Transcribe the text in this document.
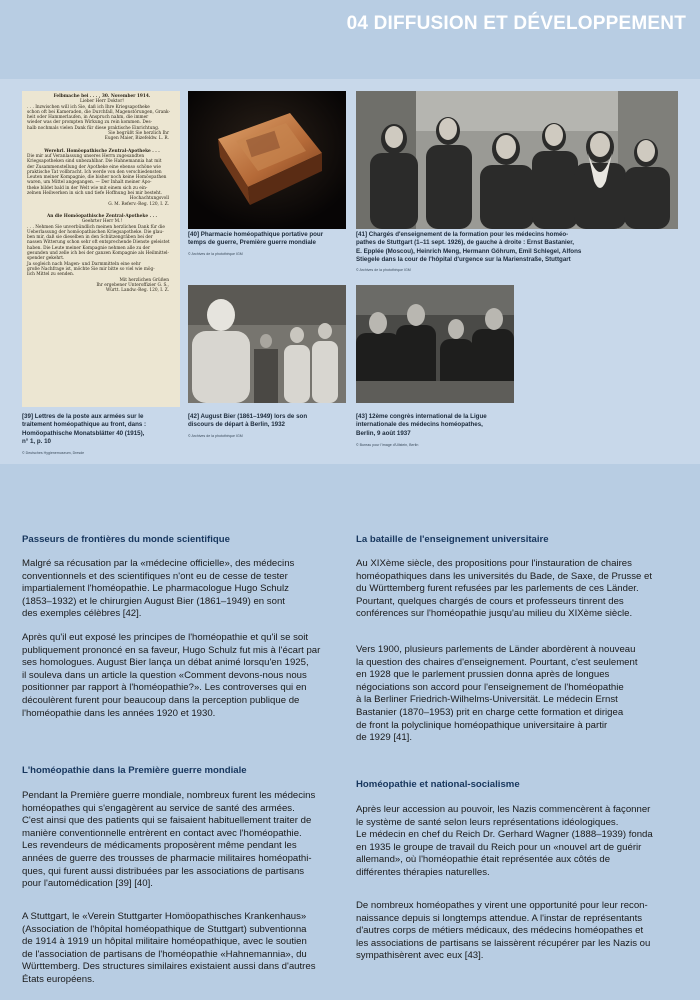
04 DIFFUSION ET DÉVELOPPEMENT
Felbmache bei . . . , 30. November 1914.
Lieber Herr Doktor!
. . . Inzwischen will ich Sie, daß ich Ihre Kriegsapotheke
schon oft bei Kameraden, die Durchfall, Magenstörungen, Grank-
heit oder Hammerlaufen, in Anspruch nahm, die immer
wieder was der prompten Wirkung zu rein kommen. Des-
halb nochmals vielen Dank für diese praktische Einrichtung.
Sie begrüßt Sie herzlich Ihr
Eugen Maier, Bizefeldw. L. R.
Werehrl. Homöopathische Zentral-Apotheke . . .
Die mir auf Veranlassung unseres Herrn zugesandten
Kriegsapotheken sind unbezahlbar. Die Hahnemannia hat mit
der Zusammenstellung der Apotheke eine ebenso schöne wie
praktische Tat vollbracht. Ich werde von den verschiedensten
Leuten meiner Kompagnie, die bisher noch keine Homöopathen
waren, um Mittel angegangen. — Der Inhalt meiner Apo-
theke bildet bald in der Welt wie mit einem sich zu ein-
zelnen Heilwerken in sich und tiefe Hoffnung bei mir besteht.
Hochachtungsvoll
G. M. Referv.-Reg. 120, I. Z.
An die Homöopathische Zentral-Apotheke . . .
Geehrter Herr M.!
. . . Nehmen Sie unverbündlich meinen herzlichen Dank für die
Ueberlassung der homöopathischen Kriegsapotheke. Die glau-
ben mir, daß sie dieselben in den Schützengräben bei der
nassen Witterung schon sehr oft entsprechende Dienste geleistet
haben. Die Leute meiner Kompagnie nehmen alle zu der
gesunden und zelle ich bei der ganzen Kompagnie als Heilmittel-
spender gekehrt.
Ja sogleich nach Magen- und Darmmitteln eine sehr
große Nachfrage ist, möchte Sie mir bitte so viel wie mög-
lich Mittel zu senden.
Mit herzlichen Grüßen
Ihr ergebener Unteroffizier G. S.,
Württ. Landw.-Reg. 120, I. Z.
[39] Lettres de la poste aux armées sur le
traitement homéopathique au front, dans :
Homöopathische Monatsblätter 40 (1915),
n° 1, p. 10
© Deutsches Hygienemuseum, Dresde
[40] Pharmacie homéopathique portative pour
temps de guerre, Première guerre mondiale
© Archives de la photothèque IGM
[41] Chargés d'enseignement de la formation pour les médecins homéo-
pathes de Stuttgart (1–11 sept. 1926), de gauche à droite : Ernst Bastanier,
E. Epplée (Moscou), Heinrich Meng, Hermann Göhrum, Emil Schlegel, Alfons
Stiegele dans la cour de l'hôpital d'urgence sur la Marienstraße, Stuttgart
© Archives de la photothèque IGM
[42] August Bier (1861–1949) lors de son
discours de départ à Berlin, 1932
© Archives de la photothèque IGM
[43] 12ème congrès international de la Ligue
internationale des médecins homéopathes,
Berlin, 9 août 1937
© Bureau pour l'image d'Ullstein, Berlin
Passeurs de frontières du monde scientifique
Malgré sa récusation par la «médecine officielle», des médecins
conventionnels et des scientifiques n'ont eu de cesse de tester
impartialement l'homéopathie. Le pharmacologue Hugo Schulz
(1853–1932) et le chirurgien August Bier (1861–1949) en sont
des exemples célèbres [42].
Après qu'il eut exposé les principes de l'homéopathie et qu'il se soit
publiquement prononcé en sa faveur, Hugo Schulz fut mis à l'écart par
ses homologues. August Bier lança un débat animé lorsqu'en 1925,
il souleva dans un article la question «Comment devons-nous nous
positionner par rapport à l'homéopathie?». Les controverses qui en
découlèrent furent pour beaucoup dans la perception publique de
l'homéopathie dans les années 1920 et 1930.
L'homéopathie dans la Première guerre mondiale
Pendant la Première guerre mondiale, nombreux furent les médecins
homéopathes qui s'engagèrent au service de santé des armées.
C'est ainsi que des patients qui se faisaient habituellement traiter de
manière conventionnelle entrèrent en contact avec l'homéopathie.
Les revendeurs de médicaments proposèrent même pendant les
années de guerre des trousses de pharmacie militaires homéopathi-
ques, qui furent aussi distribuées par les associations de partisans
pour l'automédication [39] [40].
A Stuttgart, le «Verein Stuttgarter Homöopathisches Krankenhaus»
(Association de l'hôpital homéopathique de Stuttgart) subventionna
de 1914 à 1919 un hôpital militaire homéopathique, avec le soutien
de l'association de partisans de l'homéopathie «Hahnemannia», du
Württemberg. Des structures similaires existaient aussi dans d'autres
États européens.
La bataille de l'enseignement universitaire
Au XIXème siècle, des propositions pour l'instauration de chaires
homéopathiques dans les universités du Bade, de Saxe, de Prusse et
du Württemberg furent refusées par les parlements de ces Länder.
Pourtant, quelques chargés de cours et professeurs tinrent des
conférences sur l'homéopathie jusqu'au milieu du XIXème siècle.
Vers 1900, plusieurs parlements de Länder abordèrent à nouveau
la question des chaires d'enseignement. Pourtant, c'est seulement
en 1928 que le parlement prussien donna après de longues
négociations son accord pour l'enseignement de l'homéopathie
à la Berliner Friedrich-Wilhelms-Universität. Le médecin Ernst
Bastanier (1870–1953) prit en charge cette formation et dirigea
de front la polyclinique homéopathique universitaire à partir
de 1929 [41].
Homéopathie et national-socialisme
Après leur accession au pouvoir, les Nazis commencèrent à façonner
le système de santé selon leurs représentations idéologiques.
Le médecin en chef du Reich Dr. Gerhard Wagner (1888–1939) fonda
en 1935 le groupe de travail du Reich pour un «nouvel art de guérir
allemand», où l'homéopathie était représentée aux côtés de
différentes thérapies naturelles.
De nombreux homéopathes y virent une opportunité pour leur recon-
naissance depuis si longtemps attendue. A l'instar de représentants
d'autres corps de métiers médicaux, des médecins homéopathes et
les associations de partisans se laissèrent récupérer par les Nazis ou
sympathisèrent avec eux [43].
